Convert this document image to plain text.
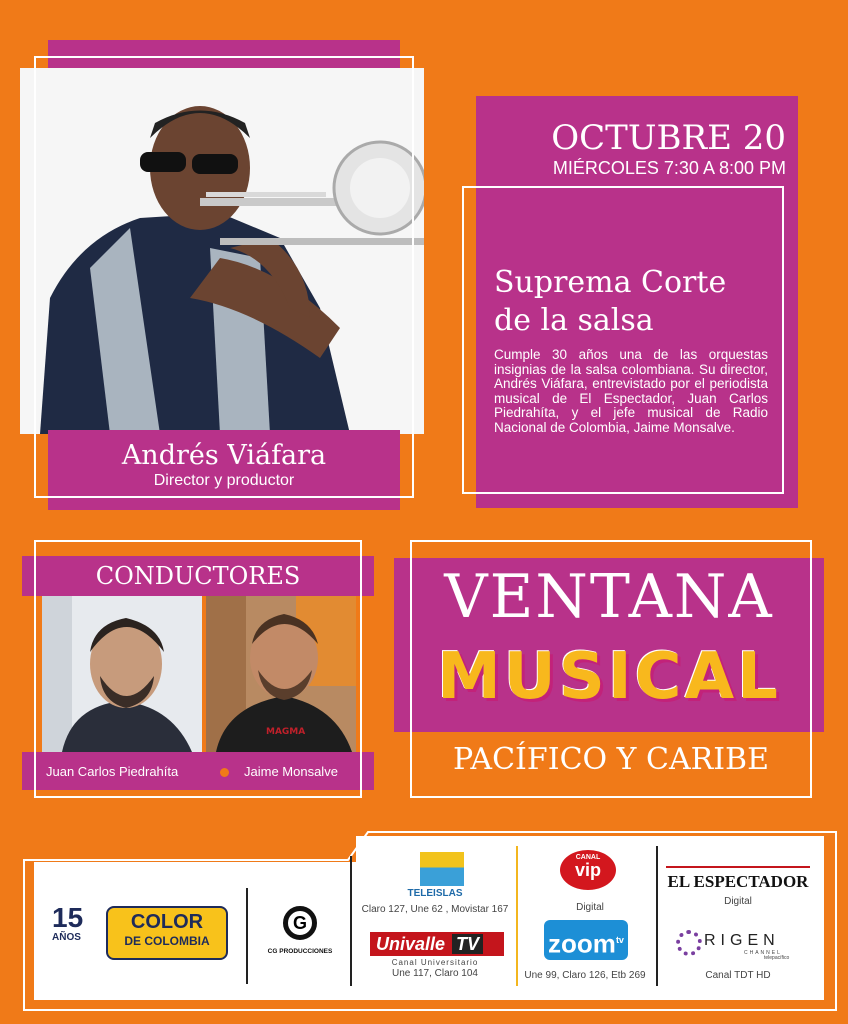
Andrés Viáfara
Director y productor
OCTUBRE 20
MIÉRCOLES 7:30 A 8:00 PM
Suprema Corte
de la salsa
Cumple 30 años una de las orquestas insignias de la salsa colombiana. Su director, Andrés Viáfara, entrevistado por el periodista musical de El Espectador, Juan Carlos Piedrahíta, y el jefe musical de Radio Nacional de Colombia, Jaime Monsalve.
CONDUCTORES
MAGMA
Juan Carlos Piedrahíta	Jaime Monsalve
VENTANA
MUSICAL
PACÍFICO Y CARIBE
15
AÑOS
COLOR
DE COLOMBIA
G
CG PRODUCCIONES
TELEISLAS
Claro 127, Une 62 , Movistar 167
Univalle TV
Canal Universitario
Une 117, Claro 104
CANAL
vip
Digital
zoom$^{tv}$
Une 99, Claro 126, Etb 269
EL ESPECTADOR
Digital
RIGEN
CHANNEL
telepacífico
Canal TDT HD
